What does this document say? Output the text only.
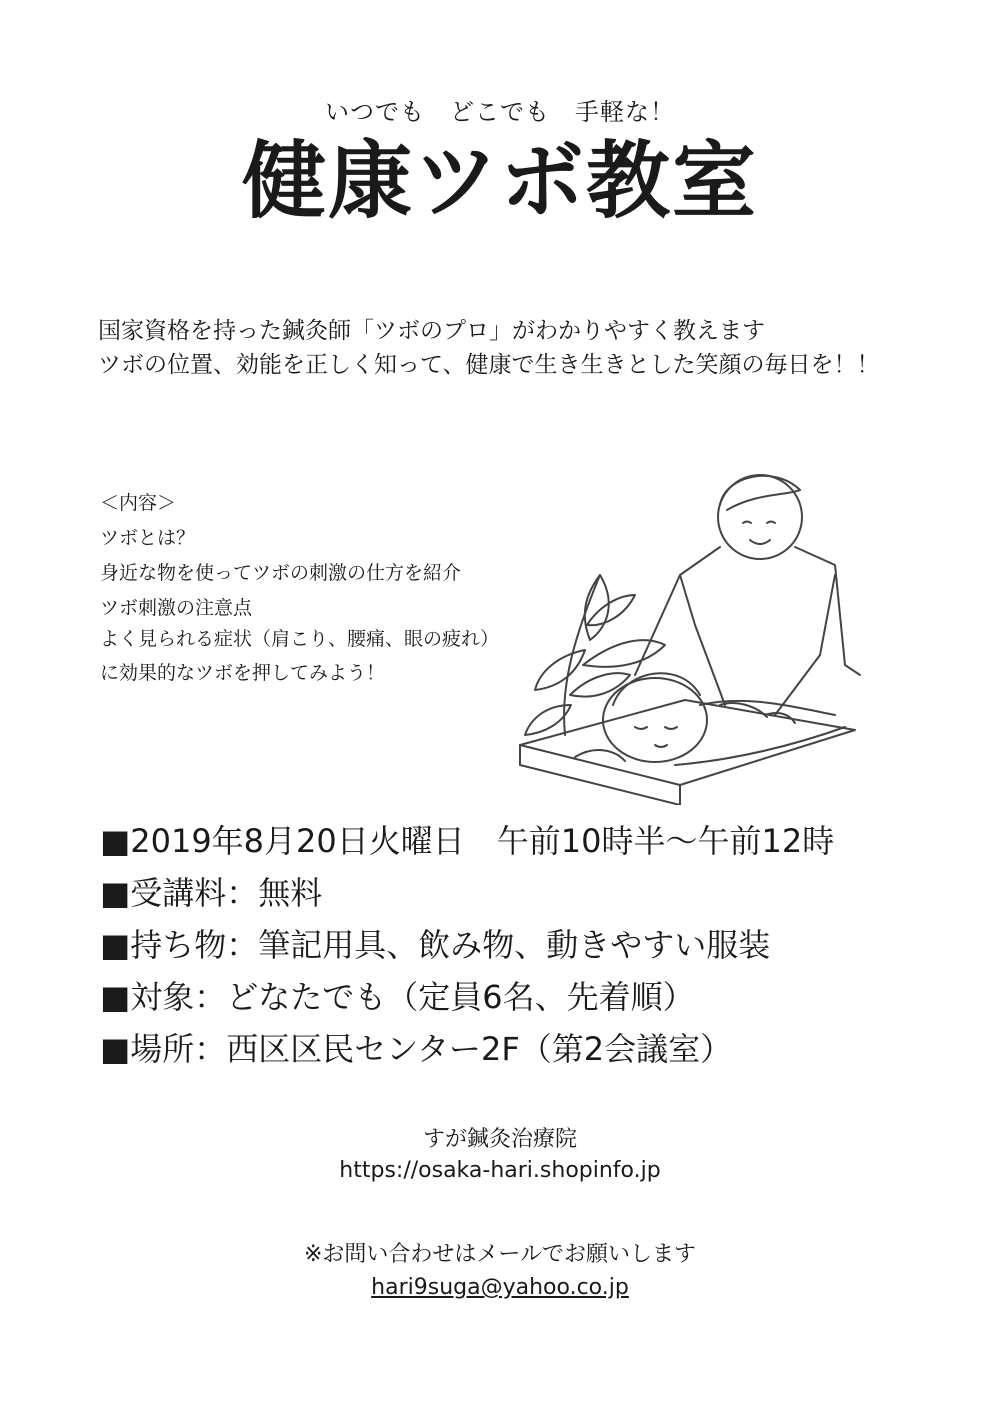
いつでも　どこでも　手軽な！
健康ツボ教室
国家資格を持った鍼灸師「ツボのプロ」がわかりやすく教えます
ツボの位置、効能を正しく知って、健康で生き生きとした笑顔の毎日を！！
＜内容＞
ツボとは？
身近な物を使ってツボの刺激の仕方を紹介
ツボ刺激の注意点
よく見られる症状（肩こり、腰痛、眼の疲れ）
に効果的なツボを押してみよう！
■2019年8月20日火曜日　午前10時半～午前12時
■受講料：無料
■持ち物：筆記用具、飲み物、動きやすい服装
■対象：どなたでも（定員6名、先着順）
■場所：西区区民センター2F（第2会議室）
すが鍼灸治療院
https://osaka-hari.shopinfo.jp
※お問い合わせはメールでお願いします
hari9suga@yahoo.co.jp
